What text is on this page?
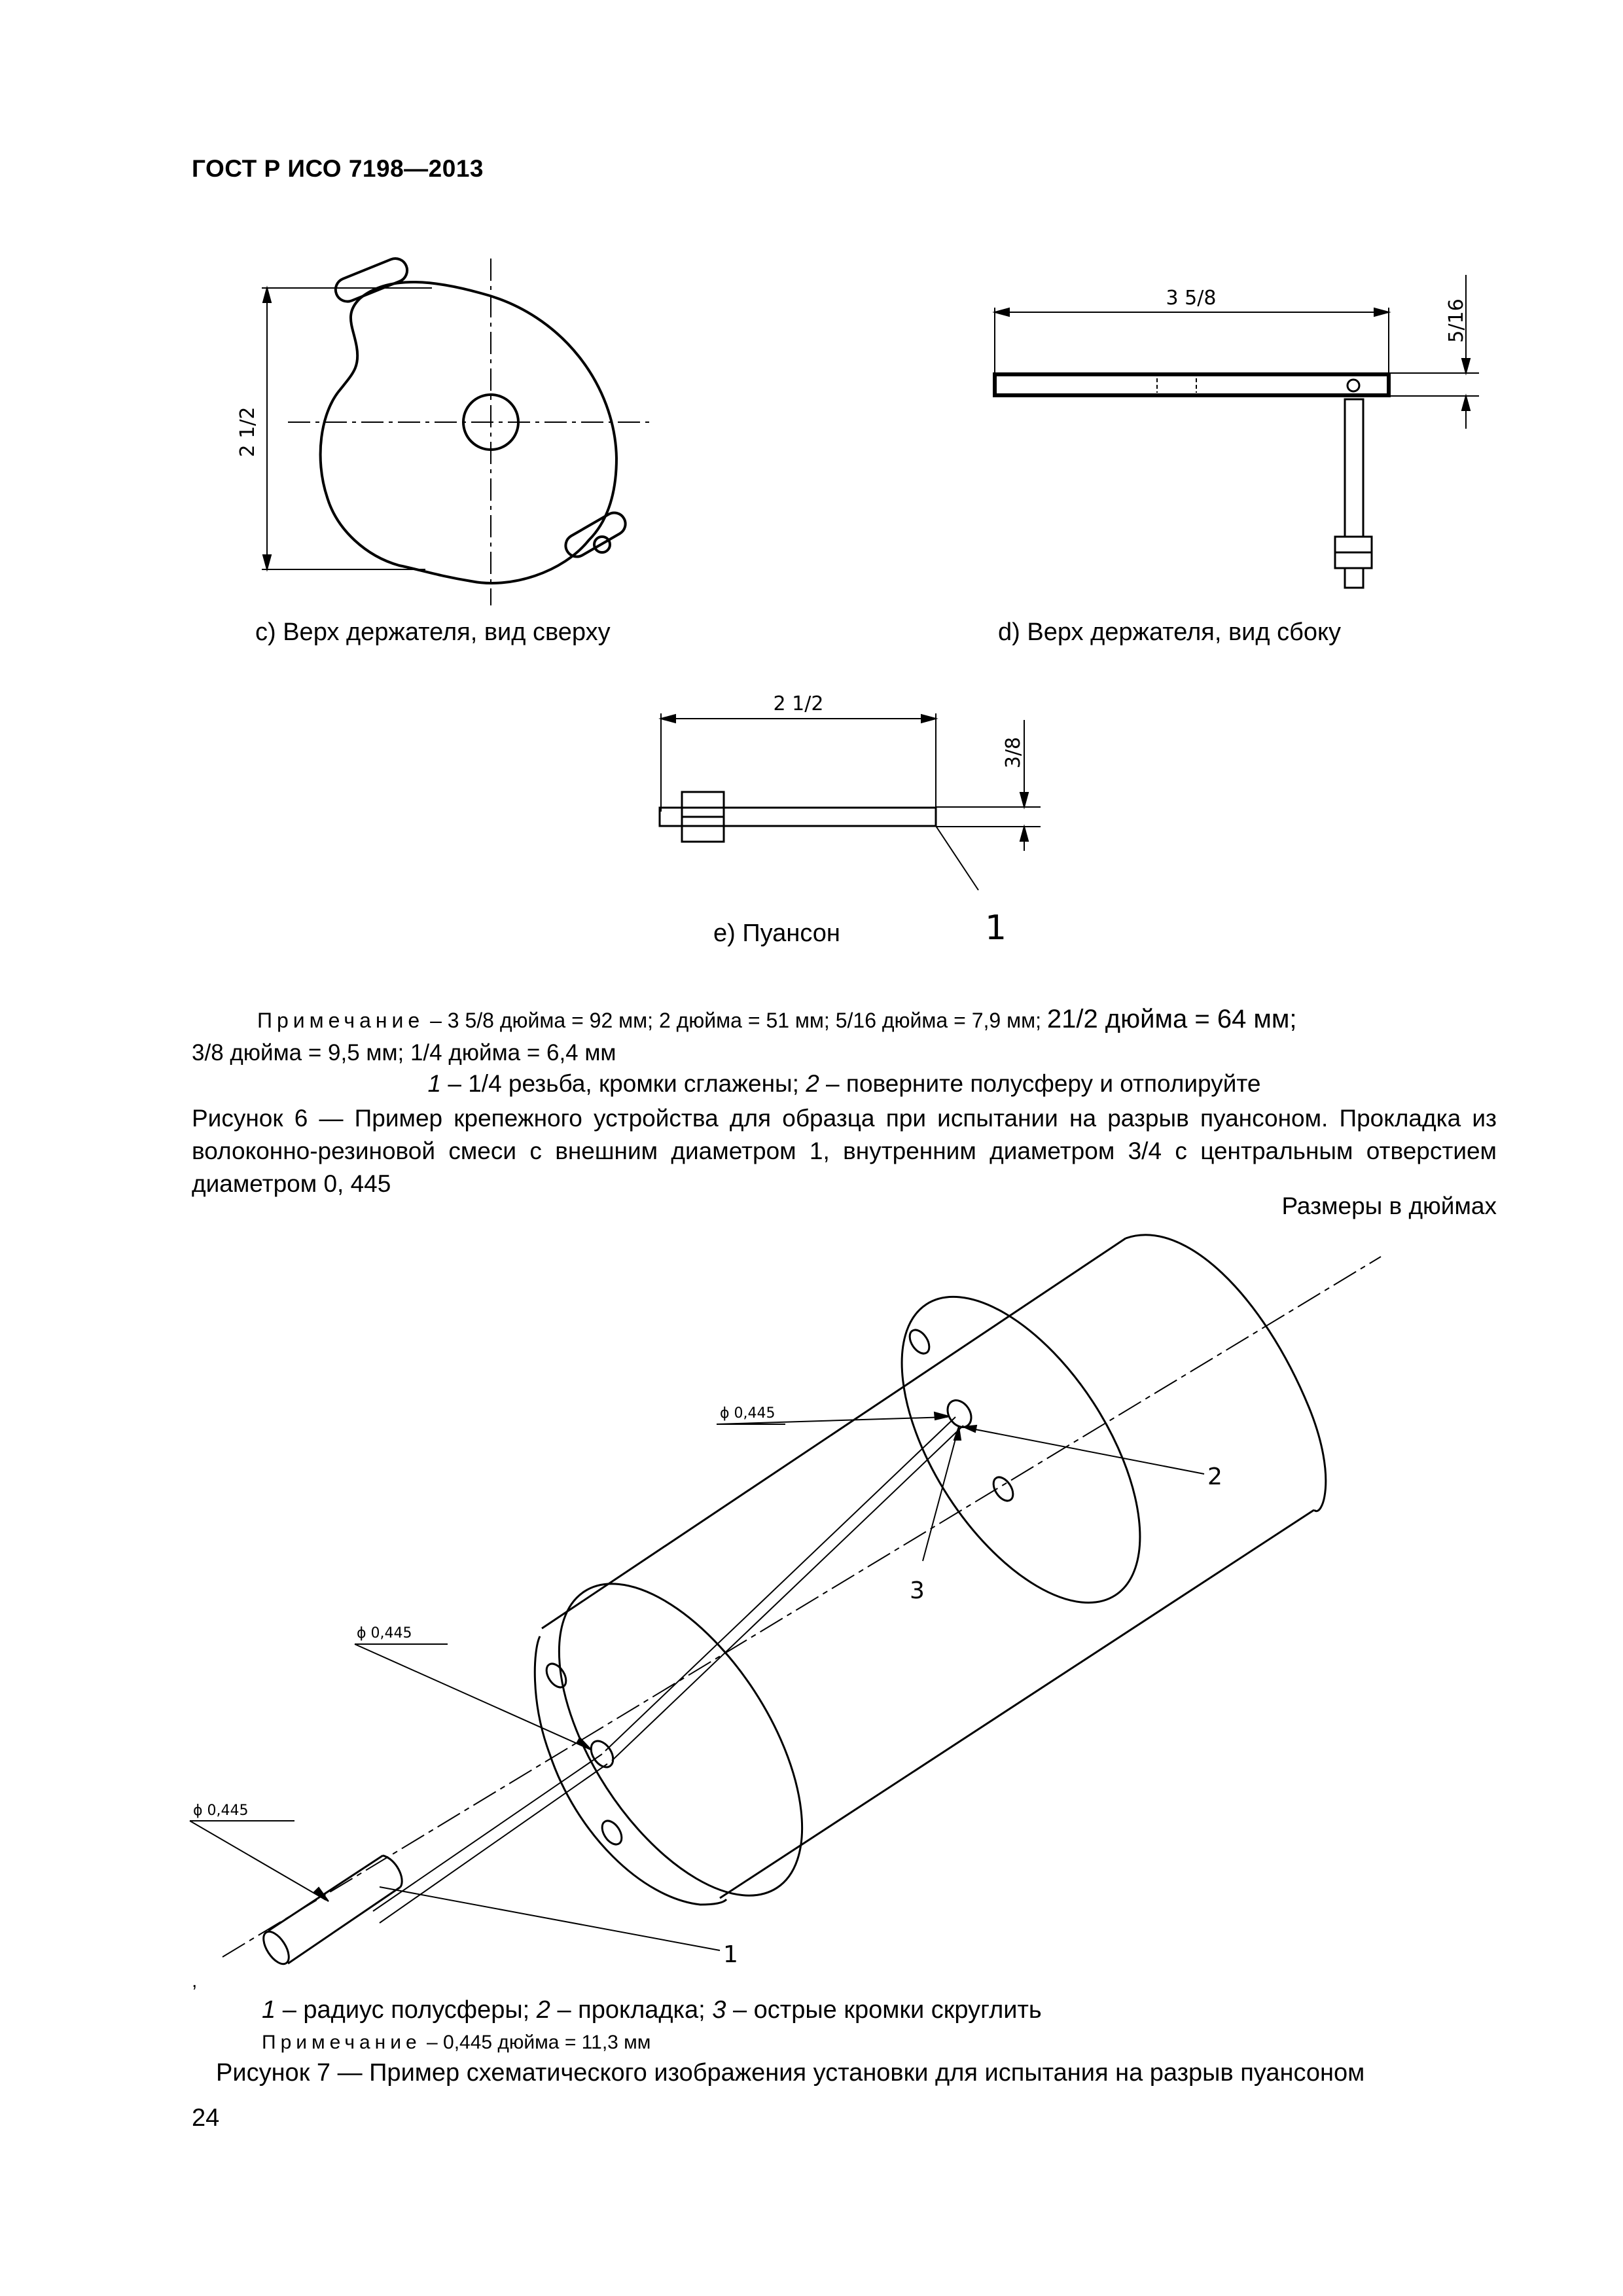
ГОСТ Р ИСО 7198—2013
2 1/2
c) Верх держателя, вид сверху
3 5/8
5/16
d) Верх держателя, вид сбоку
2 1/2
3/8
1
e) Пуансон
Примечание – 3 5/8 дюйма = 92 мм; 2 дюйма = 51 мм; 5/16 дюйма = 7,9 мм; 21/2 дюйма = 64 мм;
3/8 дюйма = 9,5 мм; 1/4 дюйма = 6,4 мм
1 – 1/4 резьба, кромки сглажены; 2 – поверните полусферу и отполируйте
Рисунок 6 — Пример крепежного устройства для образца при испытании на разрыв пуансоном. Прокладка из волоконно-резиновой смеси с внешним диаметром 1, внутренним диаметром 3/4 с центральным отверстием диаметром 0, 445
Размеры в дюймах
ϕ 0,445
ϕ 0,445
ϕ 0,445
1
2
3
,
1 – радиус полусферы; 2 – прокладка; 3 – острые кромки скруглить
Примечание – 0,445 дюйма = 11,3 мм
Рисунок 7 — Пример схематического изображения установки для испытания на разрыв пуансоном
24
